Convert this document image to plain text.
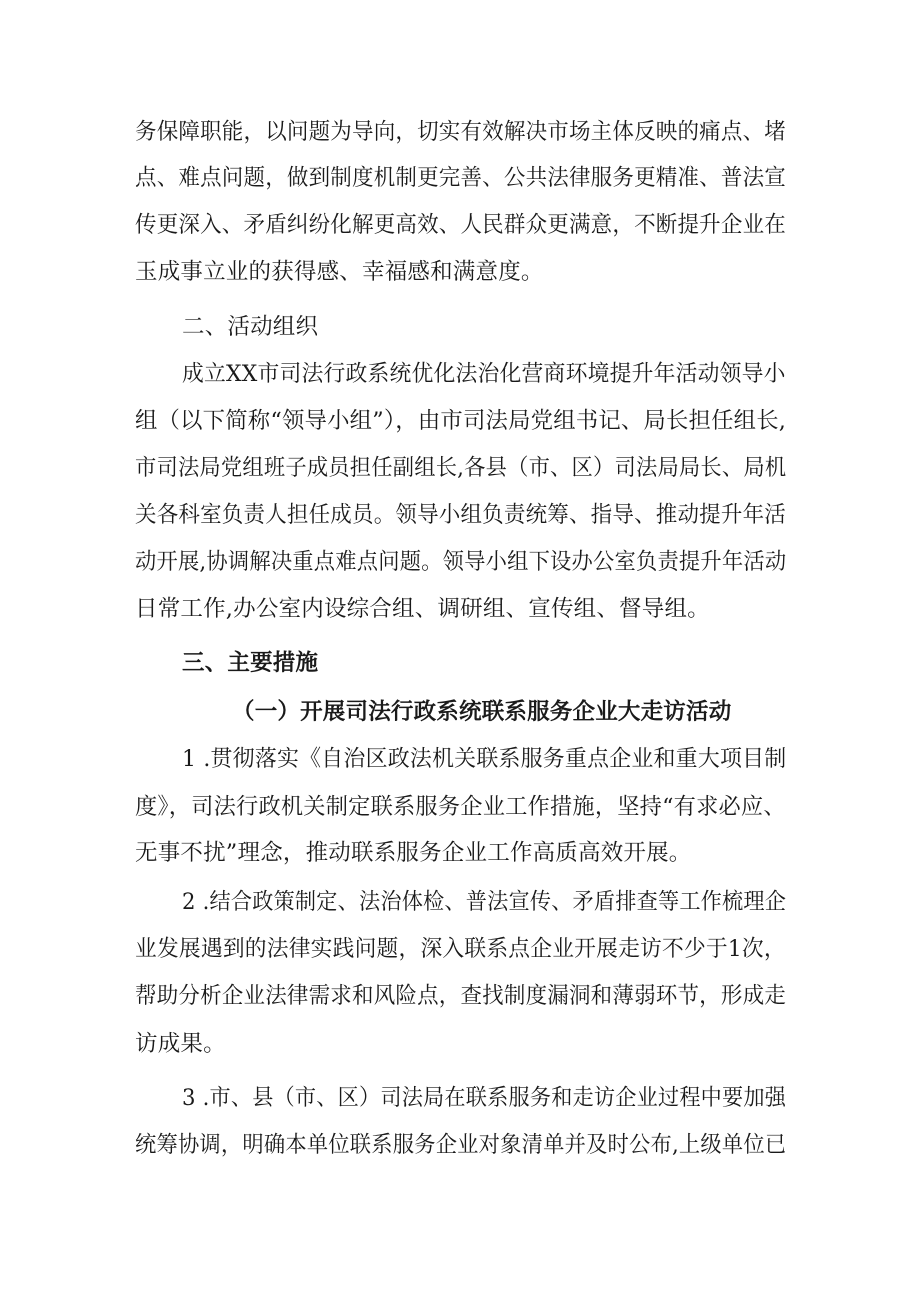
务保障职能，以问题为导向，切实有效解决市场主体反映的痛点、堵
点、难点问题，做到制度机制更完善、公共法律服务更精准、普法宣
传更深入、矛盾纠纷化解更高效、人民群众更满意，不断提升企业在
玉成事立业的获得感、幸福感和满意度。
二、活动组织
成立XX市司法行政系统优化法治化营商环境提升年活动领导小
组（以下简称“领导小组”），由市司法局党组书记、局长担任组长,
市司法局党组班子成员担任副组长,各县（市、区）司法局局长、局机
关各科室负责人担任成员。领导小组负责统筹、指导、推动提升年活
动开展,协调解决重点难点问题。领导小组下设办公室负责提升年活动
日常工作,办公室内设综合组、调研组、宣传组、督导组。
三、主要措施
（一）开展司法行政系统联系服务企业大走访活动
1 .贯彻落实《自治区政法机关联系服务重点企业和重大项目制
度》，司法行政机关制定联系服务企业工作措施，坚持“有求必应、
无事不扰”理念，推动联系服务企业工作高质高效开展。
2 .结合政策制定、法治体检、普法宣传、矛盾排查等工作梳理企
业发展遇到的法律实践问题，深入联系点企业开展走访不少于1次，
帮助分析企业法律需求和风险点，查找制度漏洞和薄弱环节，形成走
访成果。
3 .市、县（市、区）司法局在联系服务和走访企业过程中要加强
统筹协调，明确本单位联系服务企业对象清单并及时公布,上级单位已
